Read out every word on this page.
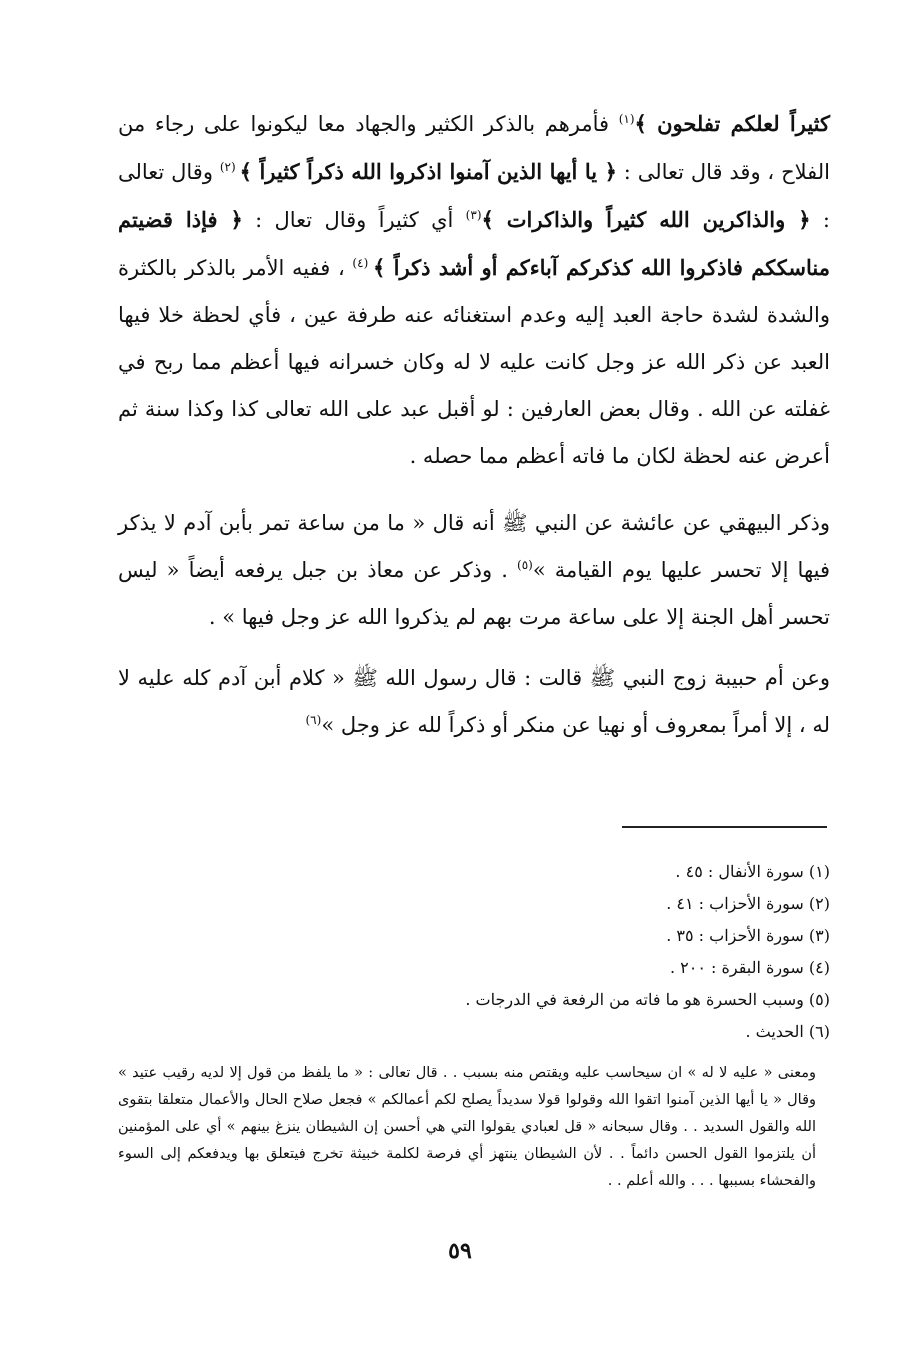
كثيراً لعلكم تفلحون ﴾$^{(١)}$ فأمرهم بالذكر الكثير والجهاد معا ليكونوا على رجاء من الفلاح ، وقد قال تعالى : ﴿ يا أيها الذين آمنوا اذكروا الله ذكراً كثيراً ﴾ $^{(٢)}$ وقال تعالى : ﴿ والذاكرين الله كثيراً والذاكرات ﴾$^{(٣)}$ أي كثيراً وقال تعال : ﴿ فإذا قضيتم مناسككم فاذكروا الله كذكركم آباءكم أو أشد ذكراً ﴾ $^{(٤)}$ ، ففيه الأمر بالذكر بالكثرة والشدة لشدة حاجة العبد إليه وعدم استغنائه عنه طرفة عين ، فأي لحظة خلا فيها العبد عن ذكر الله عز وجل كانت عليه لا له وكان خسرانه فيها أعظم مما ربح في غفلته عن الله . وقال بعض العارفين : لو أقبل عبد على الله تعالى كذا وكذا سنة ثم أعرض عنه لحظة لكان ما فاته أعظم مما حصله .

وذكر البيهقي عن عائشة عن النبي ﷺ أنه قال « ما من ساعة تمر بأبن آدم لا يذكر فيها إلا تحسر عليها يوم القيامة »$^{(٥)}$ . وذكر عن معاذ بن جبل يرفعه أيضاً « ليس تحسر أهل الجنة إلا على ساعة مرت بهم لم يذكروا الله عز وجل فيها » .

وعن أم حبيبة زوج النبي ﷺ قالت : قال رسول الله ﷺ « كلام أبن آدم كله عليه لا له ، إلا أمراً بمعروف أو نهيا عن منكر أو ذكراً لله عز وجل »$^{(٦)}$

(١) سورة الأنفال : ٤٥ .

(٢) سورة الأحزاب : ٤١ .

(٣) سورة الأحزاب : ٣٥ .

(٤) سورة البقرة : ٢٠٠ .

(٥) وسبب الحسرة هو ما فاته من الرفعة في الدرجات .

(٦) الحديث .

ومعنى « عليه لا له » ان سيحاسب عليه ويقتص منه بسبب . . قال تعالى : « ما يلفظ من قول إلا لديه رقيب عتيد » وقال « يا أيها الذين آمنوا اتقوا الله وقولوا قولا سديداً يصلح لكم أعمالكم » فجعل صلاح الحال والأعمال متعلقا بتقوى الله والقول السديد . . وقال سبحانه « قل لعبادي يقولوا التي هي أحسن إن الشيطان ينزغ بينهم » أي على المؤمنين أن يلتزموا القول الحسن دائماً . . لأن الشيطان ينتهز أي فرصة لكلمة خبيثة تخرج فيتعلق بها ويدفعكم إلى السوء والفحشاء بسببها . . . والله أعلم . .

٥٩
